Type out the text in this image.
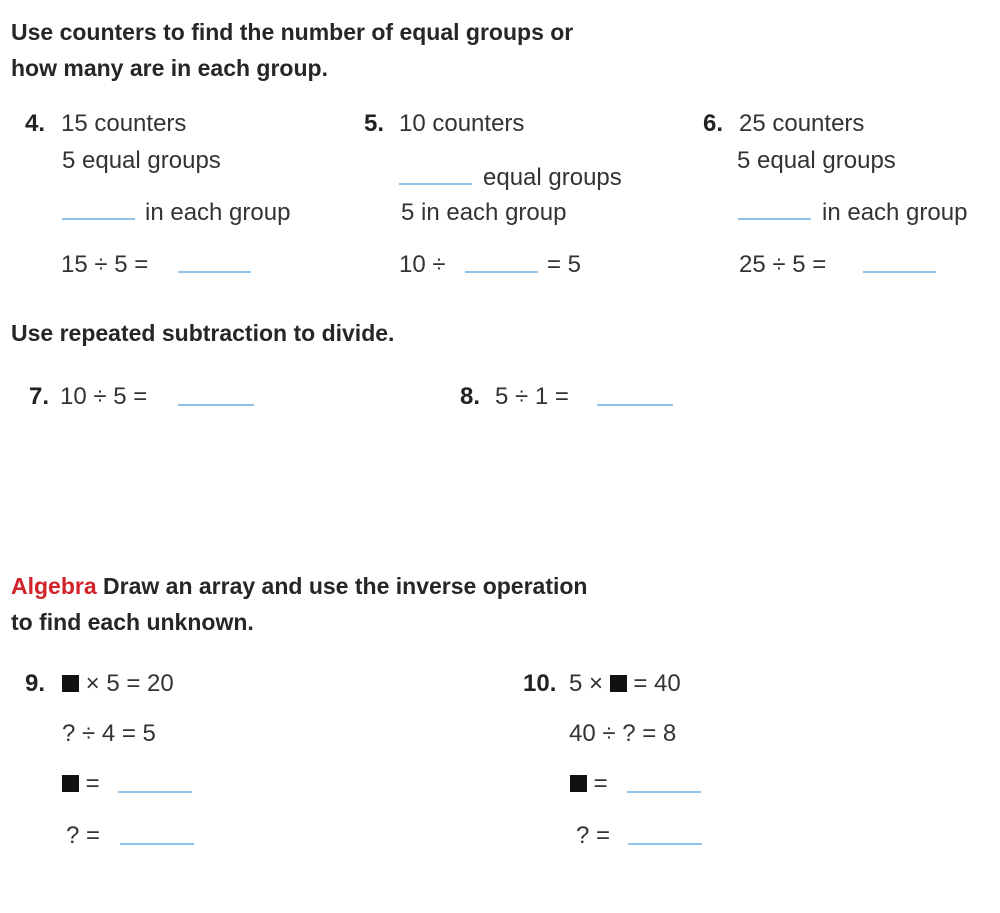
Use counters to find the number of equal groups or
how many are in each group.
4. 15 counters
5 equal groups
in each group
15 ÷ 5 =
5. 10 counters
equal groups
5 in each group
10 ÷	= 5
6. 25 counters
5 equal groups
in each group
25 ÷ 5 =
Use repeated subtraction to divide.
7. 10 ÷ 5 =	8. 5 ÷ 1 =
Algebra Draw an array and use the inverse operation
to find each unknown.
9.	× 5 = 20
? ÷ 4 = 5
=
? =
10. 5 × = 40
40 ÷ ? = 8
=
? =
